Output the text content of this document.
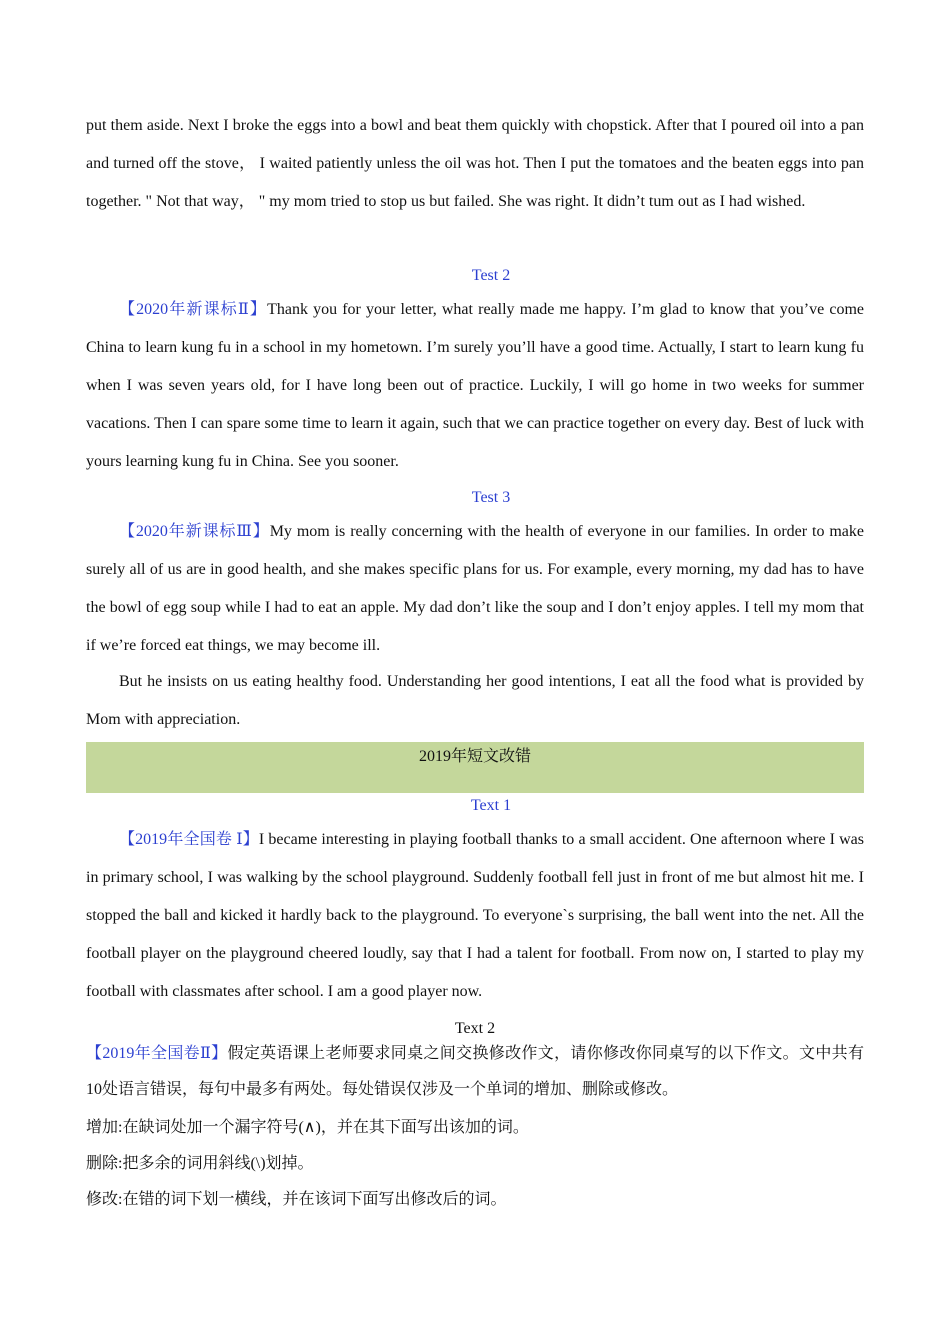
put them aside. Next I broke the eggs into a bowl and beat them quickly with chopstick. After that I poured oil into a pan and turned off the stove， I waited patiently unless the oil was hot. Then I put the tomatoes and the beaten eggs into pan together. " Not that way， " my mom tried to stop us but failed. She was right. It didn’t tum out as I had wished.

Test 2

【2020年新课标Ⅱ】Thank you for your letter, what really made me happy. I’m glad to know that you’ve come China to learn kung fu in a school in my hometown. I’m surely you’ll have a good time. Actually, I start to learn kung fu when I was seven years old, for I have long been out of practice. Luckily, I will go home in two weeks for summer vacations. Then I can spare some time to learn it again, such that we can practice together on every day. Best of luck with yours learning kung fu in China. See you sooner.

Test 3

【2020年新课标Ⅲ】My mom is really concerning with the health of everyone in our families. In order to make surely all of us are in good health, and she makes specific plans for us. For example, every morning, my dad has to have the bowl of egg soup while I had to eat an apple. My dad don’t like the soup and I don’t enjoy apples. I tell my mom that if we’re forced eat things, we may become ill.

But he insists on us eating healthy food. Understanding her good intentions, I eat all the food what is provided by Mom with appreciation.

2019年短文改错

Text 1

【2019年全国卷 Ⅰ】I became interesting in playing football thanks to a small accident. One afternoon where I was in primary school, I was walking by the school playground. Suddenly football fell just in front of me but almost hit me. I stopped the ball and kicked it hardly back to the playground. To everyone`s surprising, the ball went into the net. All the football player on the playground cheered loudly, say that I had a talent for football. From now on, I started to play my football with classmates after school. I am a good player now.

Text 2

【2019年全国卷Ⅱ】假定英语课上老师要求同桌之间交换修改作文，请你修改你同桌写的以下作文。文中共有10处语言错误，每句中最多有两处。每处错误仅涉及一个单词的增加、删除或修改。

增加:在缺词处加一个漏字符号(∧)，并在其下面写出该加的词。

删除:把多余的词用斜线(\)划掉。

修改:在错的词下划一横线，并在该词下面写出修改后的词。
